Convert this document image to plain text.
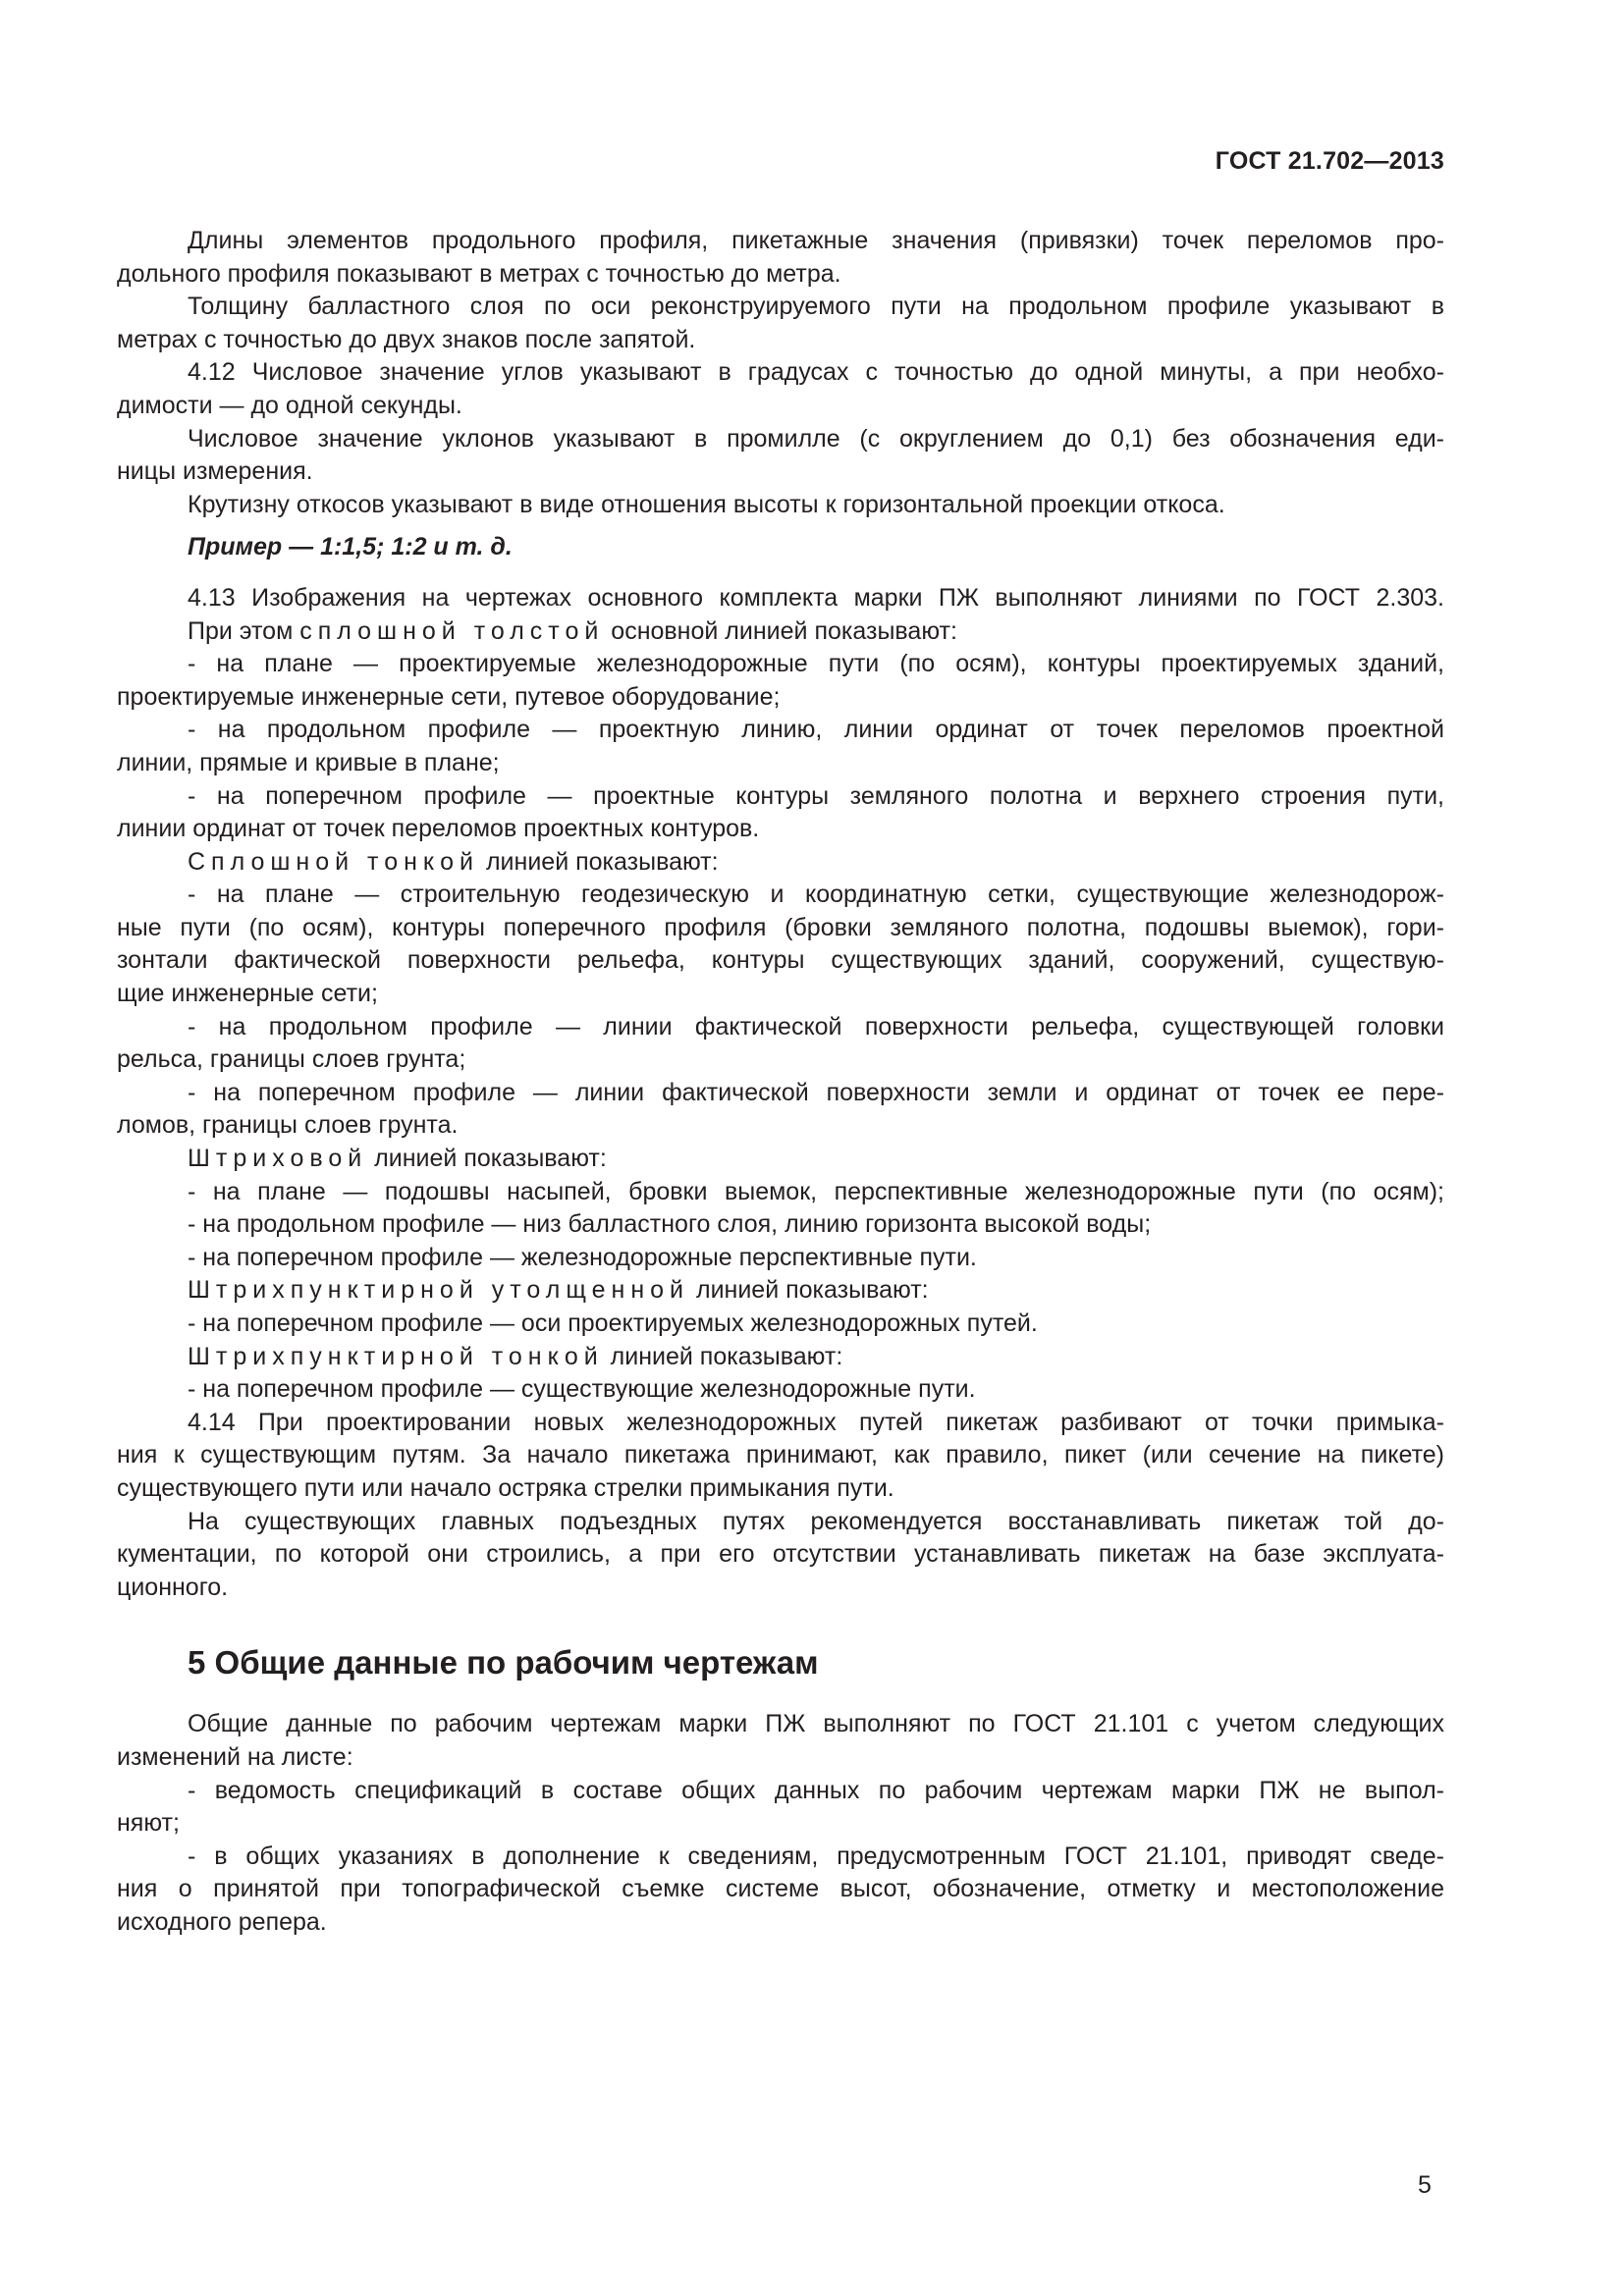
ГОСТ 21.702—2013

Длины элементов продольного профиля, пикетажные значения (привязки) точек переломов про-

дольного профиля показывают в метрах с точностью до метра.

Толщину балластного слоя по оси реконструируемого пути на продольном профиле указывают в

метрах с точностью до двух знаков после запятой.

4.12 Числовое значение углов указывают в градусах с точностью до одной минуты, а при необхо-

димости — до одной секунды.

Числовое значение уклонов указывают в промилле (с округлением до 0,1) без обозначения еди-

ницы измерения.

Крутизну откосов указывают в виде отношения высоты к горизонтальной проекции откоса.

Пример — 1:1,5; 1:2 и т. д.

4.13 Изображения на чертежах основного комплекта марки ПЖ выполняют линиями по ГОСТ 2.303.

При этом сплошной толстой основной линией показывают:

- на плане — проектируемые железнодорожные пути (по осям), контуры проектируемых зданий,

проектируемые инженерные сети, путевое оборудование;

- на продольном профиле — проектную линию, линии ординат от точек переломов проектной

линии, прямые и кривые в плане;

- на поперечном профиле — проектные контуры земляного полотна и верхнего строения пути,

линии ординат от точек переломов проектных контуров.

Сплошной тонкой линией показывают:

- на плане — строительную геодезическую и координатную сетки, существующие железнодорож-

ные пути (по осям), контуры поперечного профиля (бровки земляного полотна, подошвы выемок), гори-

зонтали фактической поверхности рельефа, контуры существующих зданий, сооружений, существую-

щие инженерные сети;

- на продольном профиле — линии фактической поверхности рельефа, существующей головки

рельса, границы слоев грунта;

- на поперечном профиле — линии фактической поверхности земли и ординат от точек ее пере-

ломов, границы слоев грунта.

Штриховой линией показывают:

- на плане — подошвы насыпей, бровки выемок, перспективные железнодорожные пути (по осям);

- на продольном профиле — низ балластного слоя, линию горизонта высокой воды;

- на поперечном профиле — железнодорожные перспективные пути.

Штрихпунктирной утолщенной линией показывают:

- на поперечном профиле — оси проектируемых железнодорожных путей.

Штрихпунктирной тонкой линией показывают:

- на поперечном профиле — существующие железнодорожные пути.

4.14 При проектировании новых железнодорожных путей пикетаж разбивают от точки примыка-

ния к существующим путям. За начало пикетажа принимают, как правило, пикет (или сечение на пикете)

существующего пути или начало остряка стрелки примыкания пути.

На существующих главных подъездных путях рекомендуется восстанавливать пикетаж той до-

кументации, по которой они строились, а при его отсутствии устанавливать пикетаж на базе эксплуата-

ционного.

5 Общие данные по рабочим чертежам

Общие данные по рабочим чертежам марки ПЖ выполняют по ГОСТ 21.101 с учетом следующих

изменений на листе:

- ведомость спецификаций в составе общих данных по рабочим чертежам марки ПЖ не выпол-

няют;

- в общих указаниях в дополнение к сведениям, предусмотренным ГОСТ 21.101, приводят сведе-

ния о принятой при топографической съемке системе высот, обозначение, отметку и местоположение

исходного репера.

5
